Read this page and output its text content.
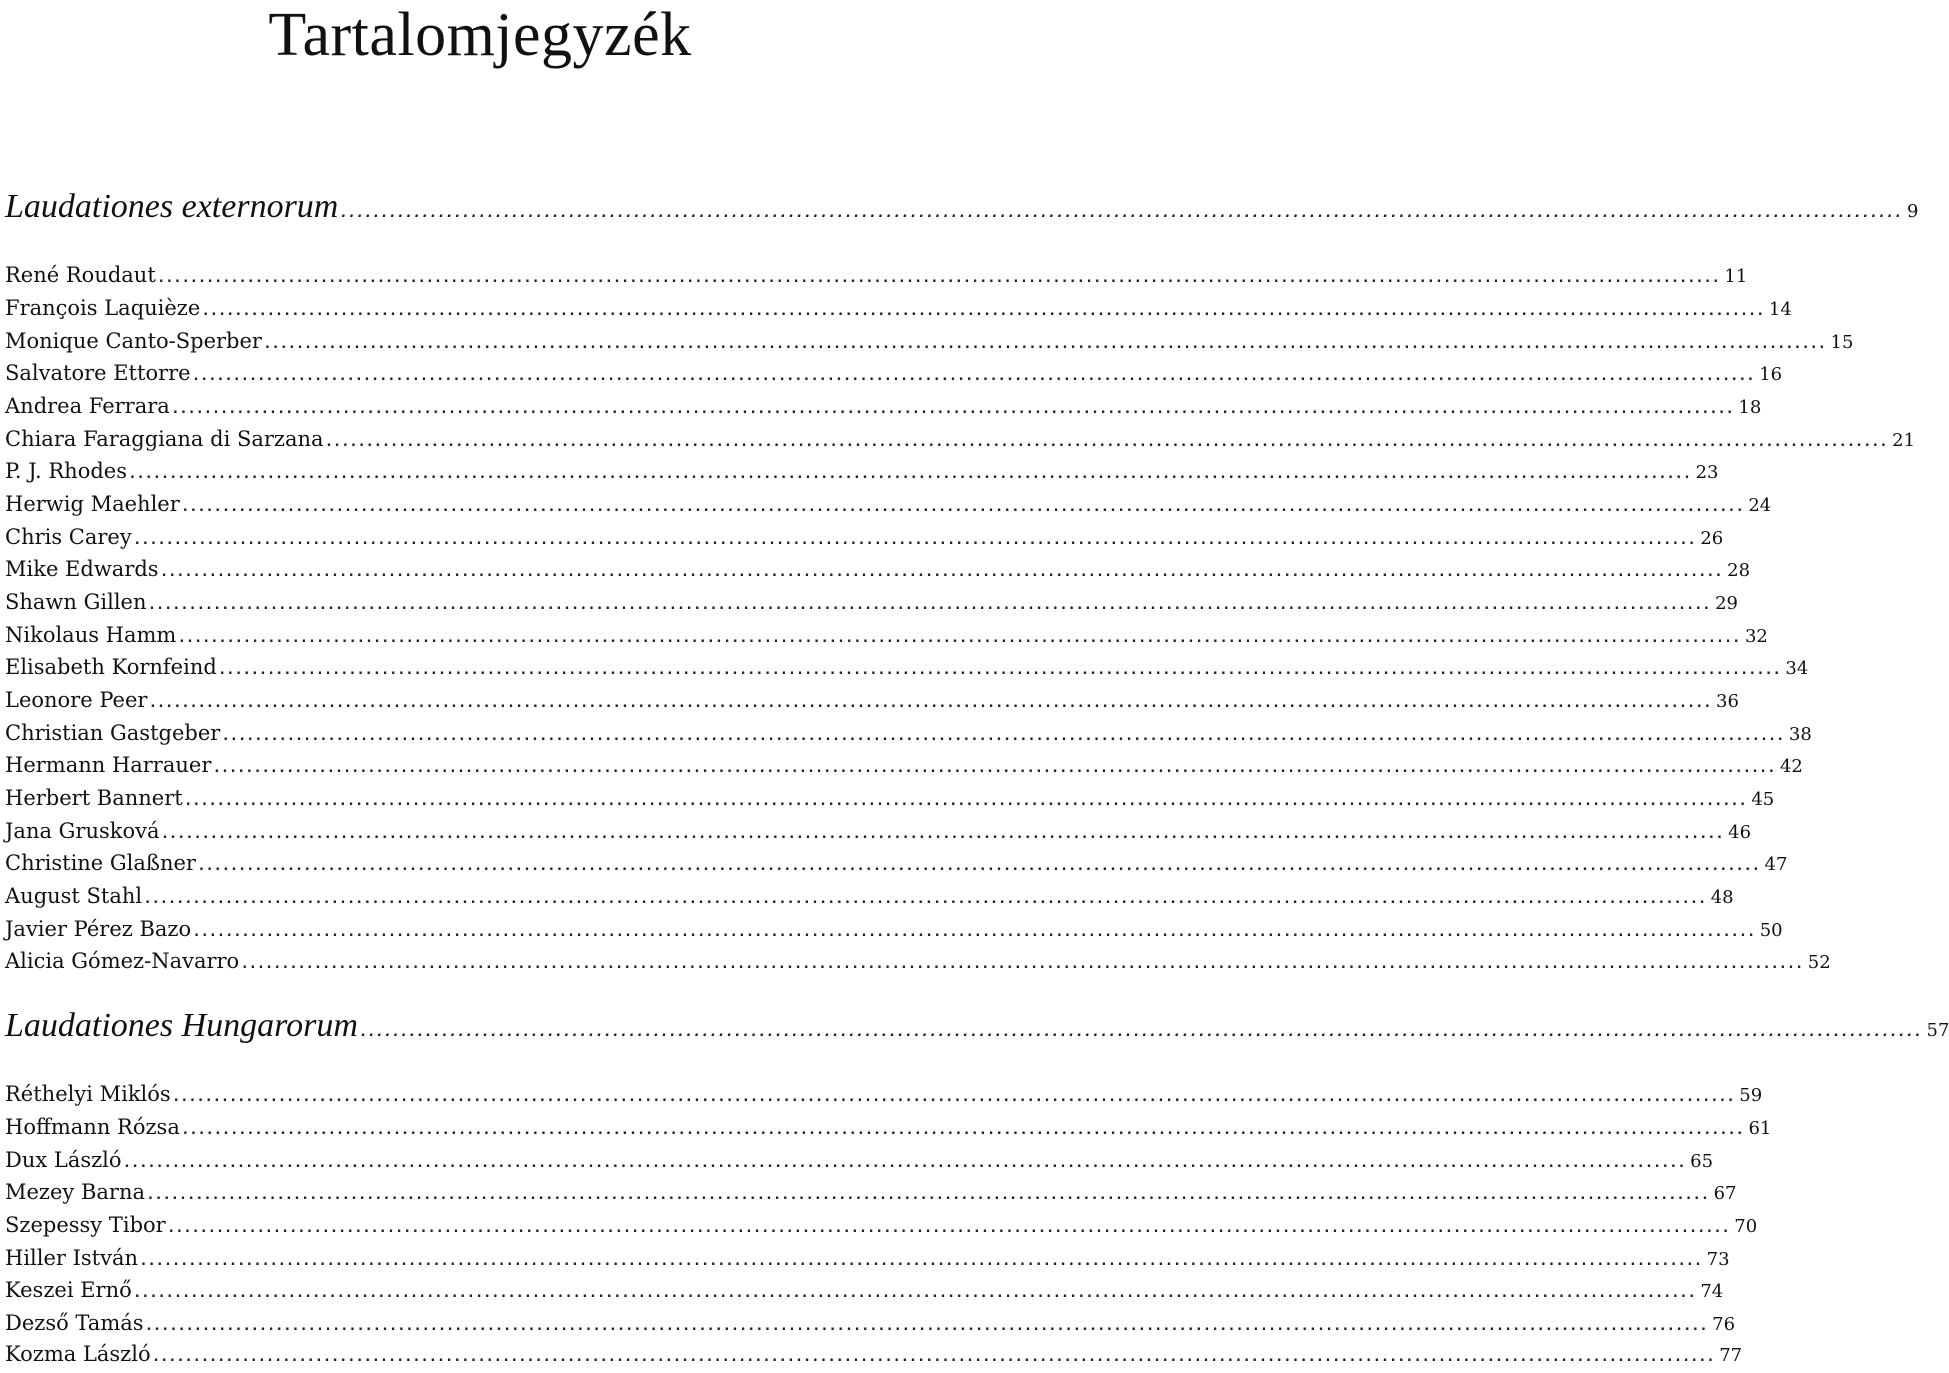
Tartalomjegyzék
Laudationes externorum ................................................................................................................................................................................................ 9
René Roudaut ................................................................................................................................................................................................ 11
François Laquièze ................................................................................................................................................................................................ 14
Monique Canto-Sperber ................................................................................................................................................................................................ 15
Salvatore Ettorre ................................................................................................................................................................................................ 16
Andrea Ferrara ................................................................................................................................................................................................ 18
Chiara Faraggiana di Sarzana ................................................................................................................................................................................................ 21
P. J. Rhodes ................................................................................................................................................................................................ 23
Herwig Maehler ................................................................................................................................................................................................ 24
Chris Carey ................................................................................................................................................................................................ 26
Mike Edwards ................................................................................................................................................................................................ 28
Shawn Gillen ................................................................................................................................................................................................ 29
Nikolaus Hamm ................................................................................................................................................................................................ 32
Elisabeth Kornfeind ................................................................................................................................................................................................ 34
Leonore Peer ................................................................................................................................................................................................ 36
Christian Gastgeber ................................................................................................................................................................................................ 38
Hermann Harrauer ................................................................................................................................................................................................ 42
Herbert Bannert ................................................................................................................................................................................................ 45
Jana Grusková ................................................................................................................................................................................................ 46
Christine Glaßner ................................................................................................................................................................................................ 47
August Stahl ................................................................................................................................................................................................ 48
Javier Pérez Bazo ................................................................................................................................................................................................ 50
Alicia Gómez-Navarro ................................................................................................................................................................................................ 52
Laudationes Hungarorum ................................................................................................................................................................................................ 57
Réthelyi Miklós ................................................................................................................................................................................................ 59
Hoffmann Rózsa ................................................................................................................................................................................................ 61
Dux László ................................................................................................................................................................................................ 65
Mezey Barna ................................................................................................................................................................................................ 67
Szepessy Tibor ................................................................................................................................................................................................ 70
Hiller István ................................................................................................................................................................................................ 73
Keszei Ernő ................................................................................................................................................................................................ 74
Dezső Tamás ................................................................................................................................................................................................ 76
Kozma László ................................................................................................................................................................................................ 77
